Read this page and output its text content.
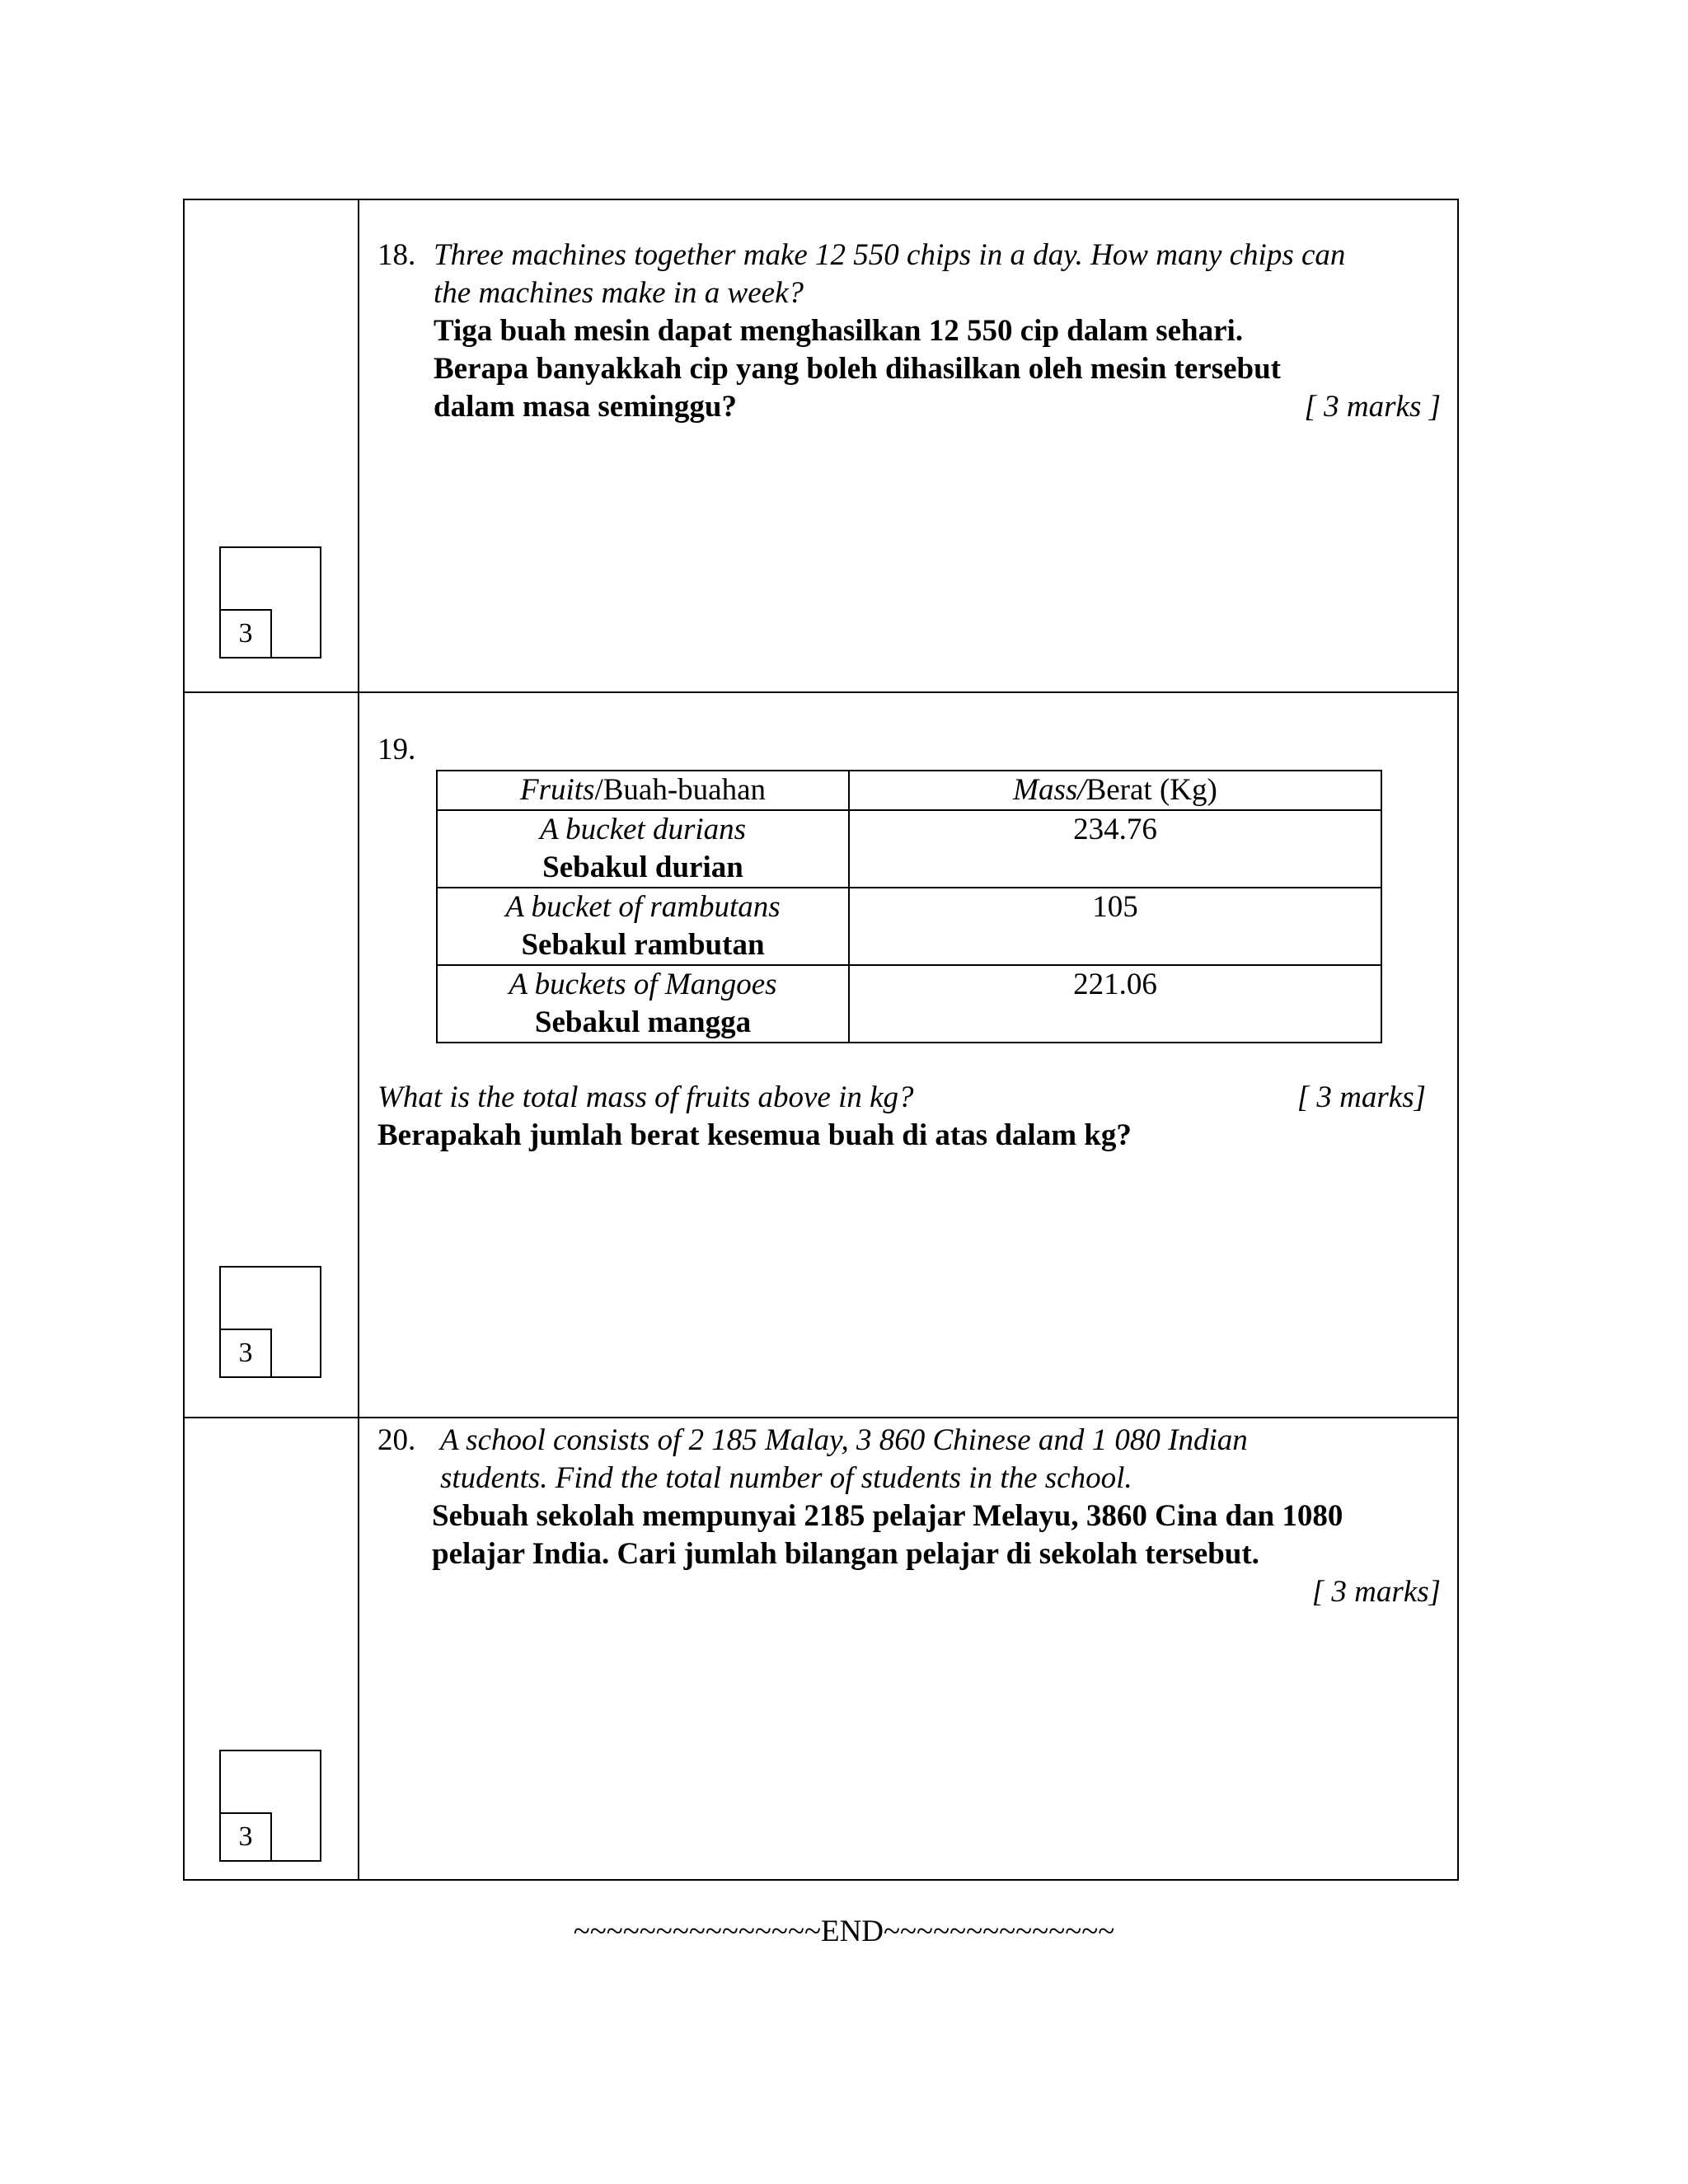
3
18. Three machines together make 12 550 chips in a day. How many chips can
the machines make in a week?
Tiga buah mesin dapat menghasilkan 12 550 cip dalam sehari.
Berapa banyakkah cip yang boleh dihasilkan oleh mesin tersebut
dalam masa seminggu?	[ 3 marks ]
3
19.
Fruits/Buah-buahan	Mass/Berat (Kg)
A bucket durians
Sebakul durian	234.76
A bucket of rambutans
Sebakul rambutan	105
A buckets of Mangoes
Sebakul mangga	221.06
What is the total mass of fruits above in kg?	[ 3 marks]
Berapakah jumlah berat kesemua buah di atas dalam kg?
3
20. A school consists of 2 185 Malay, 3 860 Chinese and 1 080 Indian
students. Find the total number of students in the school.
Sebuah sekolah mempunyai 2185 pelajar Melayu, 3860 Cina dan 1080
pelajar India. Cari jumlah bilangan pelajar di sekolah tersebut.
[ 3 marks]
~~~~~~~~~~~~~~~END~~~~~~~~~~~~~~
